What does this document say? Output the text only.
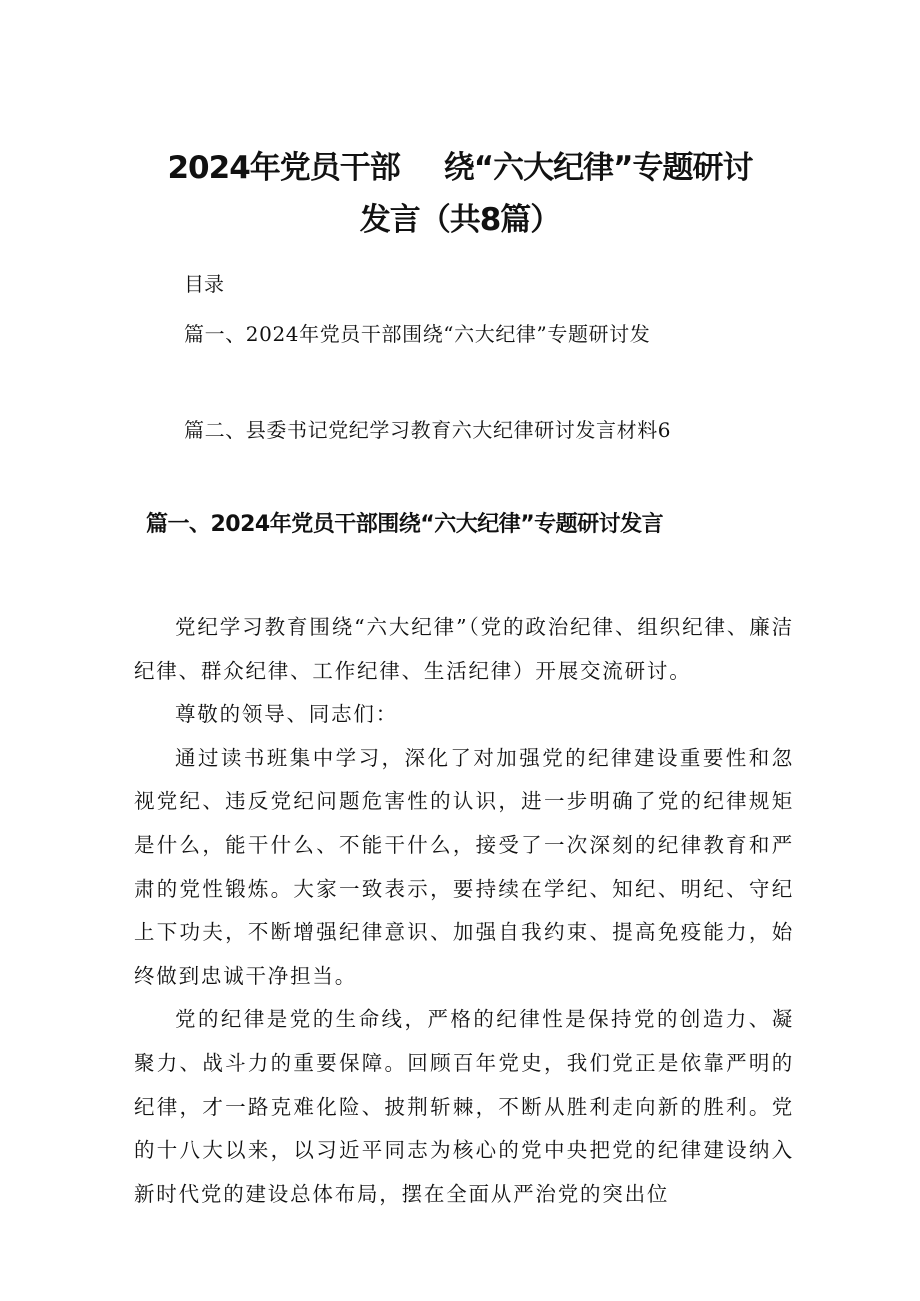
2024年党员干部 绕“六大纪律”专题研讨
发言（共8篇）
目录
篇一、2024年党员干部围绕“六大纪律”专题研讨发
篇二、县委书记党纪学习教育六大纪律研讨发言材料6
篇一、2024年党员干部围绕“六大纪律”专题研讨发言

党纪学习教育围绕“六大纪律”（党的政治纪律、组织纪律、廉洁纪律、群众纪律、工作纪律、生活纪律）开展交流研讨。

尊敬的领导、同志们：

通过读书班集中学习，深化了对加强党的纪律建设重要性和忽视党纪、违反党纪问题危害性的认识，进一步明确了党的纪律规矩是什么，能干什么、不能干什么，接受了一次深刻的纪律教育和严肃的党性锻炼。大家一致表示，要持续在学纪、知纪、明纪、守纪上下功夫，不断增强纪律意识、加强自我约束、提高免疫能力，始终做到忠诚干净担当。

党的纪律是党的生命线，严格的纪律性是保持党的创造力、凝聚力、战斗力的重要保障。回顾百年党史，我们党正是依靠严明的纪律，才一路克难化险、披荆斩棘，不断从胜利走向新的胜利。党的十八大以来，以习近平同志为核心的党中央把党的纪律建设纳入新时代党的建设总体布局，摆在全面从严治党的突出位
